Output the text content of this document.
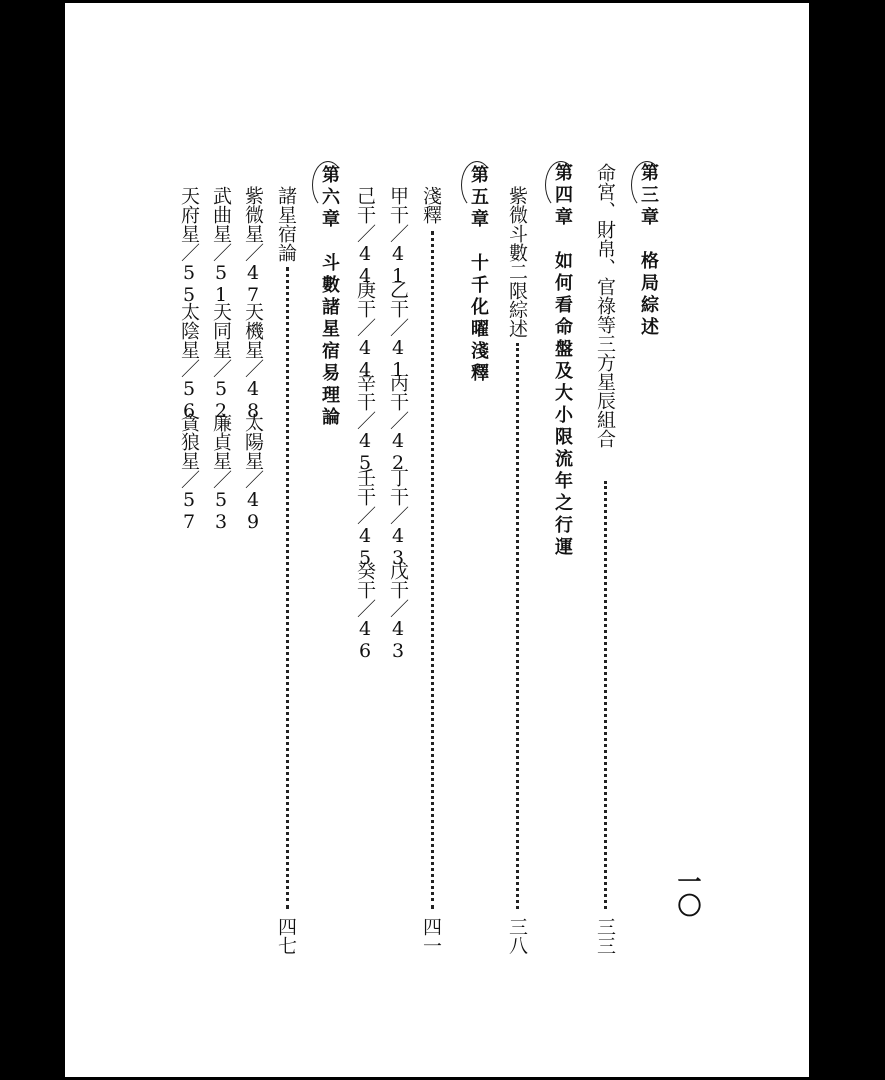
一〇
第三章　格局綜述
命宮、財帛、官祿等三方星辰組合
三三
第四章　如何看命盤及大小限流年之行運
紫微斗數二限綜述
三八
第五章　十千化曜淺釋
淺釋
四一
甲干／41
乙干／41
丙干／42
丁干／43
戊干／43
己干／44
庚干／44
辛干／45
壬干／45
癸干／46
第六章　斗數諸星宿易理論
諸星宿論
四七
紫微星／47
天機星／48
太陽星／49
武曲星／51
天同星／52
廉貞星／53
天府星／55
太陰星／56
貪狼星／57
